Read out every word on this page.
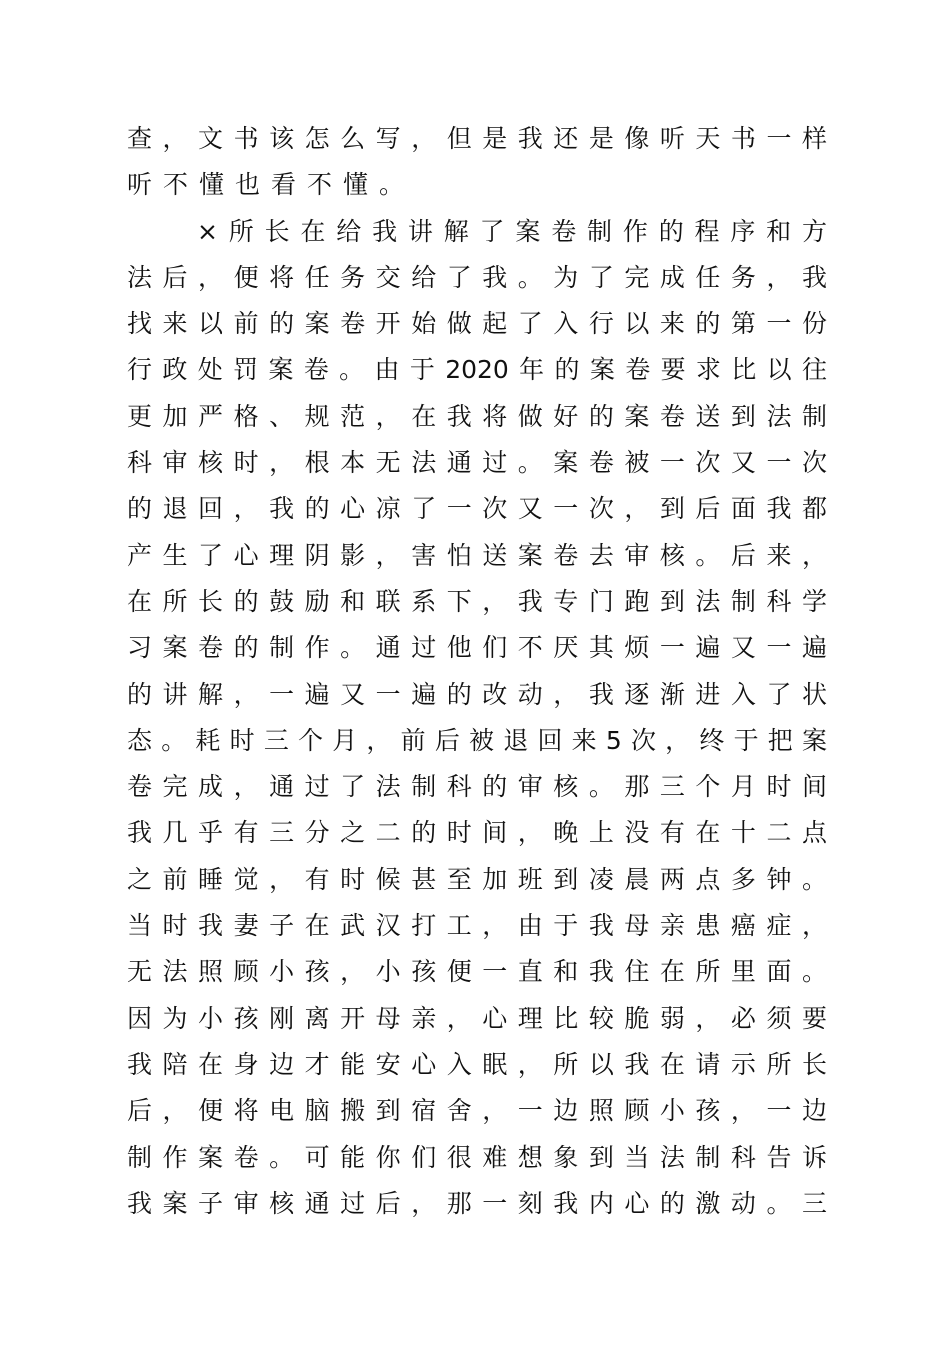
查，文书该怎么写，但是我还是像听天书一样
听不懂也看不懂。
×所长在给我讲解了案卷制作的程序和方
法后，便将任务交给了我。为了完成任务，我
找来以前的案卷开始做起了入行以来的第一份
行政处罚案卷。由于2020年的案卷要求比以往
更加严格、规范，在我将做好的案卷送到法制
科审核时，根本无法通过。案卷被一次又一次
的退回，我的心凉了一次又一次，到后面我都
产生了心理阴影，害怕送案卷去审核。后来，
在所长的鼓励和联系下，我专门跑到法制科学
习案卷的制作。通过他们不厌其烦一遍又一遍
的讲解，一遍又一遍的改动，我逐渐进入了状
态。耗时三个月，前后被退回来5次，终于把案
卷完成，通过了法制科的审核。那三个月时间
我几乎有三分之二的时间，晚上没有在十二点
之前睡觉，有时候甚至加班到凌晨两点多钟。
当时我妻子在武汉打工，由于我母亲患癌症，
无法照顾小孩，小孩便一直和我住在所里面。
因为小孩刚离开母亲，心理比较脆弱，必须要
我陪在身边才能安心入眠，所以我在请示所长
后，便将电脑搬到宿舍，一边照顾小孩，一边
制作案卷。可能你们很难想象到当法制科告诉
我案子审核通过后，那一刻我内心的激动。三
